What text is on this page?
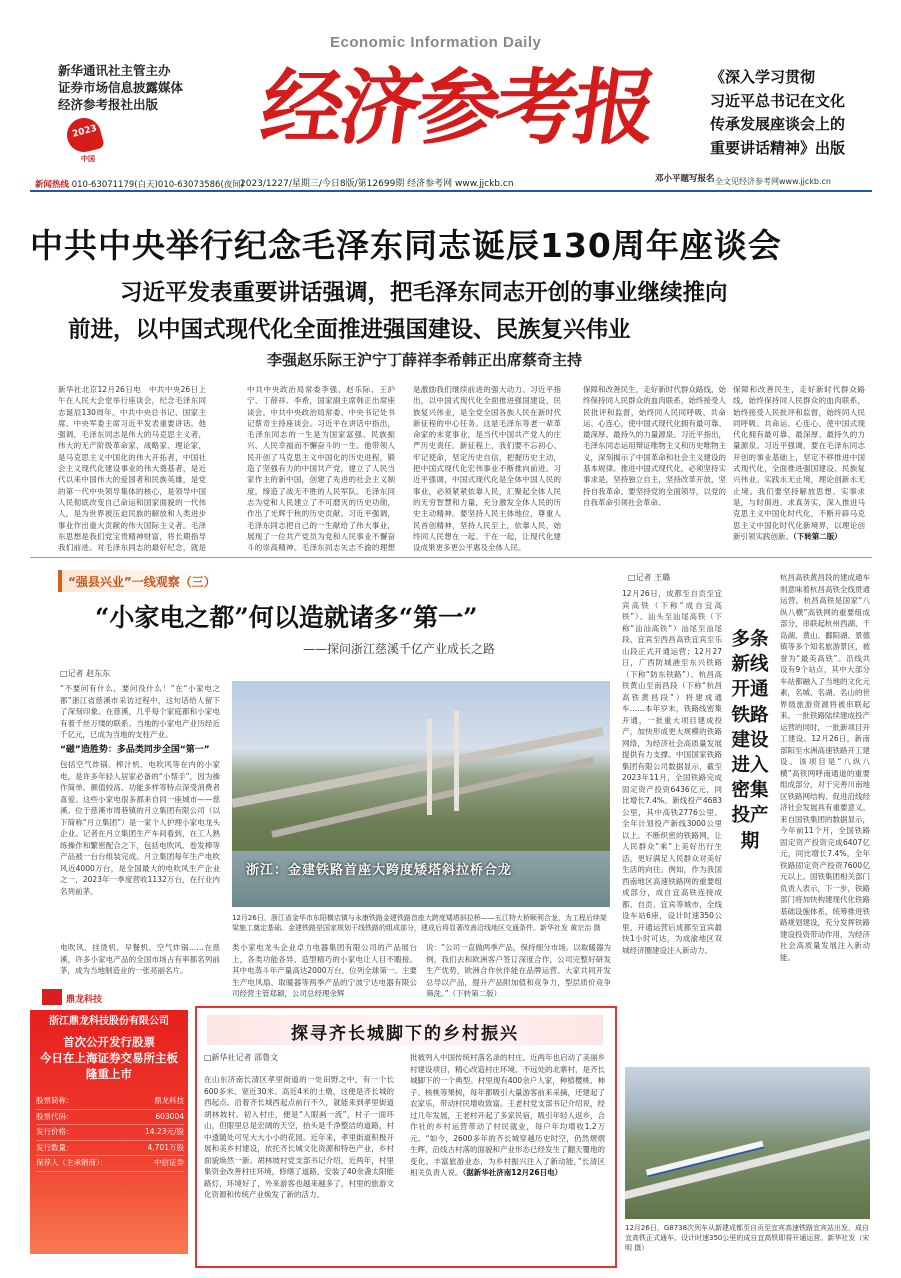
Economic Information Daily
经济参考报
新华通讯社主管主办
证券市场信息披露媒体
经济参考报社出版
2023
中国
新闻热线 010-63071179(白天)010-63073586(夜间)
2023/1227/星期三/今日8版/第12699期 经济参考网 www.jjckb.cn	邓小平题写报名
《深入学习贯彻
习近平总书记在文化
传承发展座谈会上的
重要讲话精神》出版
全文见经济参考网www.jjckb.cn
中共中央举行纪念毛泽东同志诞辰130周年座谈会
习近平发表重要讲话强调，把毛泽东同志开创的事业继续推向
前进，以中国式现代化全面推进强国建设、民族复兴伟业
李强赵乐际王沪宁丁薛祥李希韩正出席蔡奇主持
新华社北京12月26日电　中共中央26日上午在人民大会堂举行座谈会，纪念毛泽东同志诞辰130周年。中共中央总书记、国家主席、中央军委主席习近平发表重要讲话。他强调，毛泽东同志是伟大的马克思主义者，伟大的无产阶级革命家、战略家、理论家，是马克思主义中国化的伟大开拓者，中国社会主义现代化建设事业的伟大奠基者，是近代以来中国伟大的爱国者和民族英雄，是党的第一代中央领导集体的核心，是领导中国人民彻底改变自己命运和国家面貌的一代伟人，是为世界被压迫民族的解放和人类进步事业作出重大贡献的伟大国际主义者。毛泽东思想是我们党宝贵精神财富，将长期指导我们前进。对毛泽东同志的最好纪念，就是
中共中央政治局常委李强、赵乐际、王沪宁、丁薛祥、李希，国家副主席韩正出席座谈会。中共中央政治局常委、中央书记处书记蔡奇主持座谈会。习近平在讲话中指出，毛泽东同志的一生是为国家富强、民族振兴、人民幸福而不懈奋斗的一生。他带领人民开创了马克思主义中国化的历史进程，锻造了坚强有力的中国共产党，建立了人民当家作主的新中国，创建了先进的社会主义制度，缔造了战无不胜的人民军队。毛泽东同志为党和人民建立了不可磨灭的历史功勋，作出了光辉于秋的历史贡献。习近平强调，毛泽东同志把自己的一生献给了伟大事业，展现了一位共产党员为党和人民事业不懈奋斗的崇高精神。毛泽东同志矢志不渝的理想
是激励我们继续前进的强大动力。习近平指出，以中国式现代化全面推进强国建设、民族复兴伟业，是全党全国各族人民在新时代新征程的中心任务。这是毛泽东等老一辈革命家的未竟事业，是当代中国共产党人的庄严历史责任。新征程上，我们要不忘初心、牢记使命，坚定历史自信，把握历史主动，把中国式现代化宏伟事业不断推向前进。习近平强调，中国式现代化是全体中国人民的事业，必须紧紧依靠人民，汇聚起全体人民的无穷智慧和力量，充分激发全体人民的历史主动精神。要坚持人民主体地位，尊重人民首创精神，坚持人民至上，依靠人民，始终同人民想在一起、干在一起，让现代化建设成果更多更公平惠及全体人民。
保障和改善民生，走好新时代群众路线，始终保持同人民群众的血肉联系，始终接受人民批评和监督，始终同人民同呼吸、共命运、心连心，使中国式现代化拥有最可靠、最深厚、最持久的力量源泉。习近平指出，毛泽东同志运用辩证唯物主义和历史唯物主义，深刻揭示了中国革命和社会主义建设的基本规律。推进中国式现代化，必须坚持实事求是，坚持独立自主，坚持改革开放，坚持自我革命。要坚持党的全面领导，以党的自我革命引领社会革命。
保障和改善民生，走好新时代群众路线，始终保持同人民群众的血肉联系，始终接受人民批评和监督，始终同人民同呼吸、共命运、心连心，使中国式现代化拥有最可靠、最深厚、最持久的力量源泉。习近平强调，要在毛泽东同志开创的事业基础上，坚定不移推进中国式现代化，全面推进强国建设、民族复兴伟业。实践永无止境，理论创新永无止境。我们要坚持解放思想、实事求是，与时俱进、求真务实，深入推进马克思主义中国化时代化，不断开辟马克思主义中国化时代化新境界，以理论创新引领实践创新。（下转第二版）
“强县兴业”一线观察（三）
“小家电之都”何以造就诸多“第一”
——探问浙江慈溪千亿产业成长之路
□记者 赵东东
“不要问有什么，要问没什么！”在“小家电之都”浙江省慈溪市采访过程中，这句话给人留下了深刻印象。在慈溪，几乎每个家庭都和小家电有着千丝万缕的联系。当地的小家电产业历经近千亿元，已成为当地的支柱产业。
“磁”造胜势：多品类同步全国“第一”
包括空气炸锅、榨汁机、电吹风等在内的小家电，是许多年轻人居家必备的“小帮手”，因为操作简单、颜值较高、功能多样等特点深受消费者喜爱。这些小家电很多都来自同一座城市——慈溪。位于慈溪市周巷镇的月立集团有限公司（以下简称“月立集团”）是一家个人护理小家电龙头企业。记者在月立集团生产车间看到，在工人熟练操作和繁密配合之下，包括电吹风、卷发棒等产品被一台台组装完成。月立集团每年生产电吹风近4000万台，是全国最大的电吹风生产企业之一，2023年一季度营收1132万台，在行业内名列前茅。
浙江：金建铁路首座大跨度矮塔斜拉桥合龙
12月26日，浙江省金华市东阳横店镇与永康铁路金建铁路首座大跨度矮塔斜拉桥——五江特大桥顺利合龙，为工程后续架梁施工奠定基础。金建铁路是国家规划干线铁路的组成部分，建成后将显著改善沿线地区交通条件。新华社发 黄宗治 摄
电吹风、挂烫机、早餐机、空气炸锅……在慈溪，许多小家电产品的全国市场占有率都名列前茅，成为当地制造业的一张亮丽名片。
类小家电龙头企业卓力电器集团有限公司的产品展台上，各类功能各异、造型精巧的小家电让人目不暇接。其中电蒸斗年产量高达2000万台，位列全球第一。主要生产电风扇、取暖器等两季产品的宁波宁达电器有限公司经营主管郑颖，公司总经理余辉
说：“公司一直做两季产品，保持细分市场。以取暖器为例，我们去和欧洲客户签订深度合作，公司完整好研发生产优势，欧洲合作伙伴能在品牌运营、大家共同开发总导以产品，提升产品附加值和竞争力，型层质价竞争筛洗。”（下转第二版）
□记者 王璐
12月26日，成都至自贡至宜宾高铁（下称“成自宜高铁”）、汕头至汕尾高铁（下称“汕汕高铁”）汕尾至汕尾段、宜宾至西昌高铁宜宾至乐山段正式开通运营；12月27日，广西防城港至东兴铁路（下称“防东铁路”）、杭昌高铁黄山至南昌段（下称“杭昌高铁黄昌段”）将建成通车……本年岁末，铁路线密集开通，一批重大项目建成投产，加快形成更大规模的铁路网络，为经济社会高质量发展提供有力支撑。中国国家铁路集团有限公司数据显示，截至2023年11月，全国铁路完成固定资产投资6436亿元，同比增长7.4%。新线投产4683公里，其中高铁2776公里。全年计划投产新线3000公里以上。不断织密的铁路网，让人民群众“乘”上美好出行生活，更好满足人民群众对美好生活的向往。例如，作为我国西南地区高速铁路网的重要组成部分，成自宜高铁连接成都、自贡、宜宾等城市，全线设车站6座，设计时速350公里，开通运营后成都至宜宾最快1小时可达，为成渝地区双城经济圈建设注入新动力。
多条新线开通 铁路建设进入密集投产期
杭昌高铁黄昌段的建成通车则意味着杭昌高铁全线贯通运营。杭昌高铁是国家“八纵八横”高铁网的重要组成部分，串联起杭州西湖、千岛湖、黄山、鄱阳湖、景德镇等多个知名旅游景区，被誉为“最美高铁”。沿线共设有9个站点，其中大部分车站都融入了当地的文化元素，名城、名湖、名山的世界级旅游资源将被串联起来。一批铁路陆续建成投产运营的同时，一批新项目开工建设。12月26日，新南部阳至水洲高速铁路开工建设。该项目是“八纵八横”高铁网呼南通道的重要组成部分，对于完善川南地区铁路网结构、促进沿线经济社会发展具有重要意义。来自国铁集团的数据显示，今年前11个月，全国铁路固定资产投资完成6407亿元，同比增长7.4%，全年铁路固定资产投资7600亿元以上。国铁集团相关部门负责人表示，下一步，铁路部门将加快构建现代化铁路基础设施体系，统筹推进铁路规划建设，充分发挥铁路建设投资带动作用，为经济社会高质量发展注入新动能。
12月26日，G8738次列车从新建成都至自贡至宜宾高速铁路宜宾站出发，成自宜高铁正式通车。设计时速350公里的成自宜高铁即将开通运营。新华社发（宋明 摄）
鼎龙科技
浙江鼎龙科技股份有限公司
首次公开发行股票
今日在上海证券交易所主板
隆重上市
股票简称：	鼎龙科技
股票代码：	603004
发行价格：	14.23元/股
发行数量：	4,701万股
保荐人（主承销商）：	中信证券
探寻齐长城脚下的乡村振兴
□新华社记者 邵鲁文
在山东济南长清区孝里街道的一处田野之中，有一个长600多米、宽近30米、高近4米的土墩，这便是齐长城的西起点。沿着齐长城西起点前行不久，就能来到孝里街道胡林坡村。初入村庄，便是“入眼画一流”，村子一面环山，但眼里总是宏阔的天空，抬头是千净整洁的道路，村中透随处可见大大小小的花园。近年来，孝里街道积极开展和美乡村建设，依托齐长城文化资源和特色产业，乡村面貌焕然一新。胡林坡村党支部书记介绍，近两年，村里集资金改善村庄环境，修缮了道路，安装了40余盏太阳能路灯，环境好了，外来游客也越来越多了，村里的旅游文化资源和传统产业焕发了新的活力。
批被列入中国传统村落名录的村庄。近两年也启动了美丽乡村建设项目，精心改造村庄环境。不远处的北寨村，是齐长城脚下的一个典型。村里现有400余户人家，种植樱桃、柿子、核桃等果树，每年都吸引大量游客前来采摘，还建起了农家乐，带动村民增收致富。王老村党支部书记介绍说，经过几年发展，王老村开起了多家民宿，吸引年轻人返乡，合作社的乡村运营带动了村民就业，每户年均增收1.2万元。“如今，2600多年的齐长城穿越历史时空，仍然熠熠生辉，沿线古村落的面貌和产业形态已经发生了翻天覆地的变化。丰富旅游业态，为乡村振兴注入了新动能，”长清区相关负责人说。（据新华社济南12月26日电）
